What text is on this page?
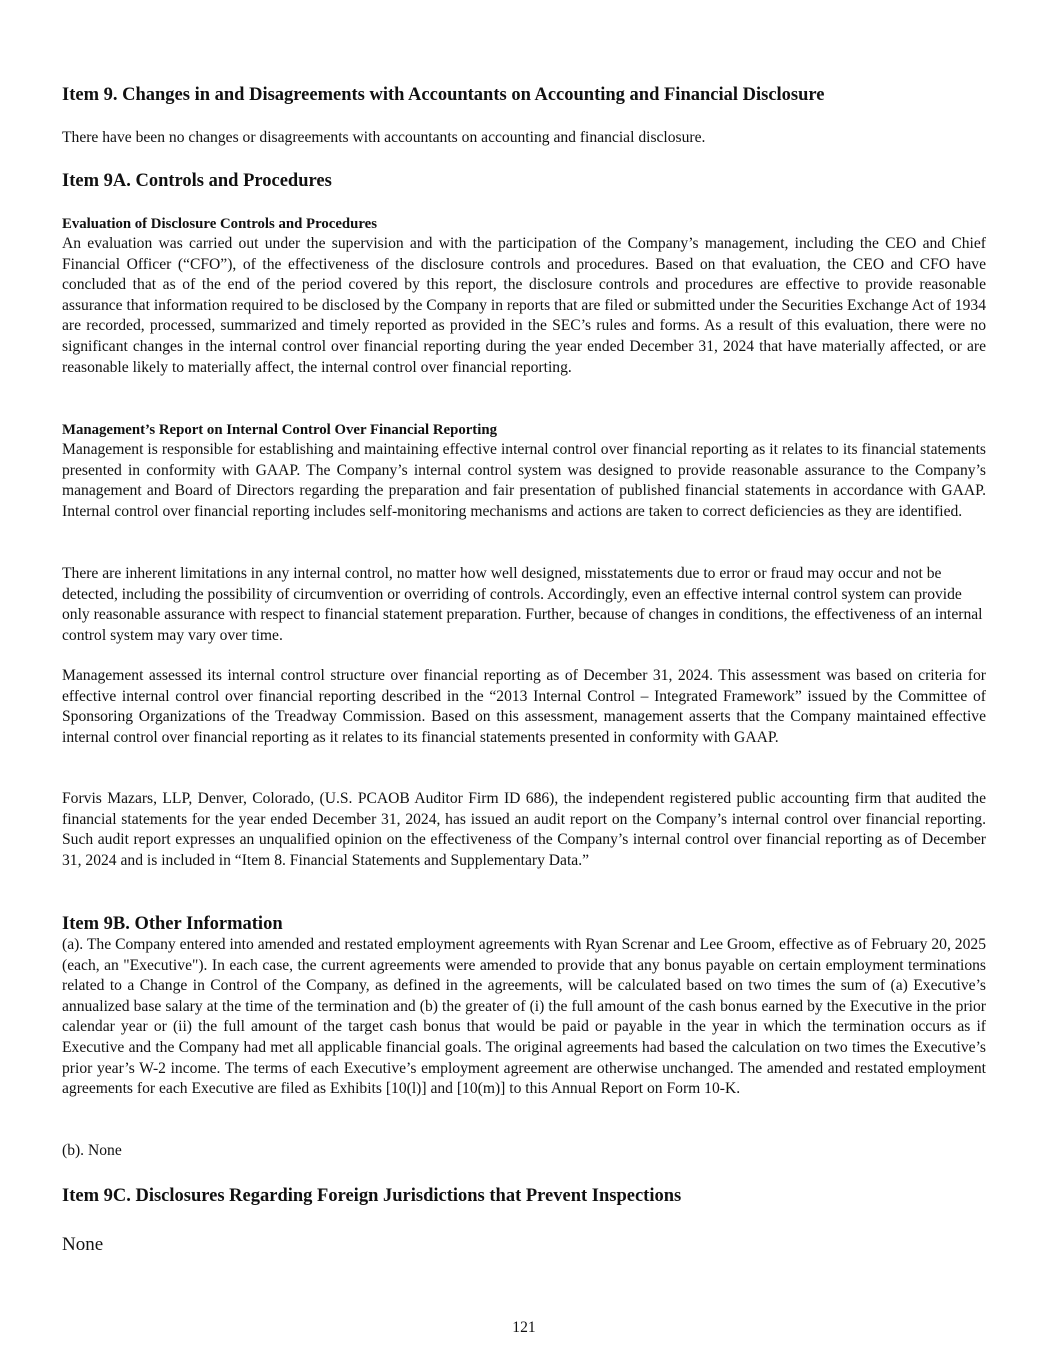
Item 9. Changes in and Disagreements with Accountants on Accounting and Financial Disclosure

There have been no changes or disagreements with accountants on accounting and financial disclosure.

Item 9A. Controls and Procedures
Evaluation of Disclosure Controls and Procedures

An evaluation was carried out under the supervision and with the participation of the Company’s management, including the CEO and Chief Financial Officer (“CFO”), of the effectiveness of the disclosure controls and procedures. Based on that evaluation, the CEO and CFO have concluded that as of the end of the period covered by this report, the disclosure controls and procedures are effective to provide reasonable assurance that information required to be disclosed by the Company in reports that are filed or submitted under the Securities Exchange Act of 1934 are recorded, processed, summarized and timely reported as provided in the SEC’s rules and forms. As a result of this evaluation, there were no significant changes in the internal control over financial reporting during the year ended December 31, 2024 that have materially affected, or are reasonable likely to materially affect, the internal control over financial reporting.

Management’s Report on Internal Control Over Financial Reporting

Management is responsible for establishing and maintaining effective internal control over financial reporting as it relates to its financial statements presented in conformity with GAAP. The Company’s internal control system was designed to provide reasonable assurance to the Company’s management and Board of Directors regarding the preparation and fair presentation of published financial statements in accordance with GAAP. Internal control over financial reporting includes self-monitoring mechanisms and actions are taken to correct deficiencies as they are identified.

There are inherent limitations in any internal control, no matter how well designed, misstatements due to error or fraud may occur and not be detected, including the possibility of circumvention or overriding of controls. Accordingly, even an effective internal control system can provide only reasonable assurance with respect to financial statement preparation. Further, because of changes in conditions, the effectiveness of an internal control system may vary over time.

Management assessed its internal control structure over financial reporting as of December 31, 2024. This assessment was based on criteria for effective internal control over financial reporting described in the “2013 Internal Control – Integrated Framework” issued by the Committee of Sponsoring Organizations of the Treadway Commission. Based on this assessment, management asserts that the Company maintained effective internal control over financial reporting as it relates to its financial statements presented in conformity with GAAP.

Forvis Mazars, LLP, Denver, Colorado, (U.S. PCAOB Auditor Firm ID 686), the independent registered public accounting firm that audited the financial statements for the year ended December 31, 2024, has issued an audit report on the Company’s internal control over financial reporting. Such audit report expresses an unqualified opinion on the effectiveness of the Company’s internal control over financial reporting as of December 31, 2024 and is included in “Item 8. Financial Statements and Supplementary Data.”

Item 9B. Other Information

(a). The Company entered into amended and restated employment agreements with Ryan Screnar and Lee Groom, effective as of February 20, 2025 (each, an "Executive"). In each case, the current agreements were amended to provide that any bonus payable on certain employment terminations related to a Change in Control of the Company, as defined in the agreements, will be calculated based on two times the sum of (a) Executive’s annualized base salary at the time of the termination and (b) the greater of (i) the full amount of the cash bonus earned by the Executive in the prior calendar year or (ii) the full amount of the target cash bonus that would be paid or payable in the year in which the termination occurs as if Executive and the Company had met all applicable financial goals. The original agreements had based the calculation on two times the Executive’s prior year’s W-2 income. The terms of each Executive’s employment agreement are otherwise unchanged. The amended and restated employment agreements for each Executive are filed as Exhibits [10(l)] and [10(m)] to this Annual Report on Form 10-K.

(b). None

Item 9C. Disclosures Regarding Foreign Jurisdictions that Prevent Inspections

None

121
